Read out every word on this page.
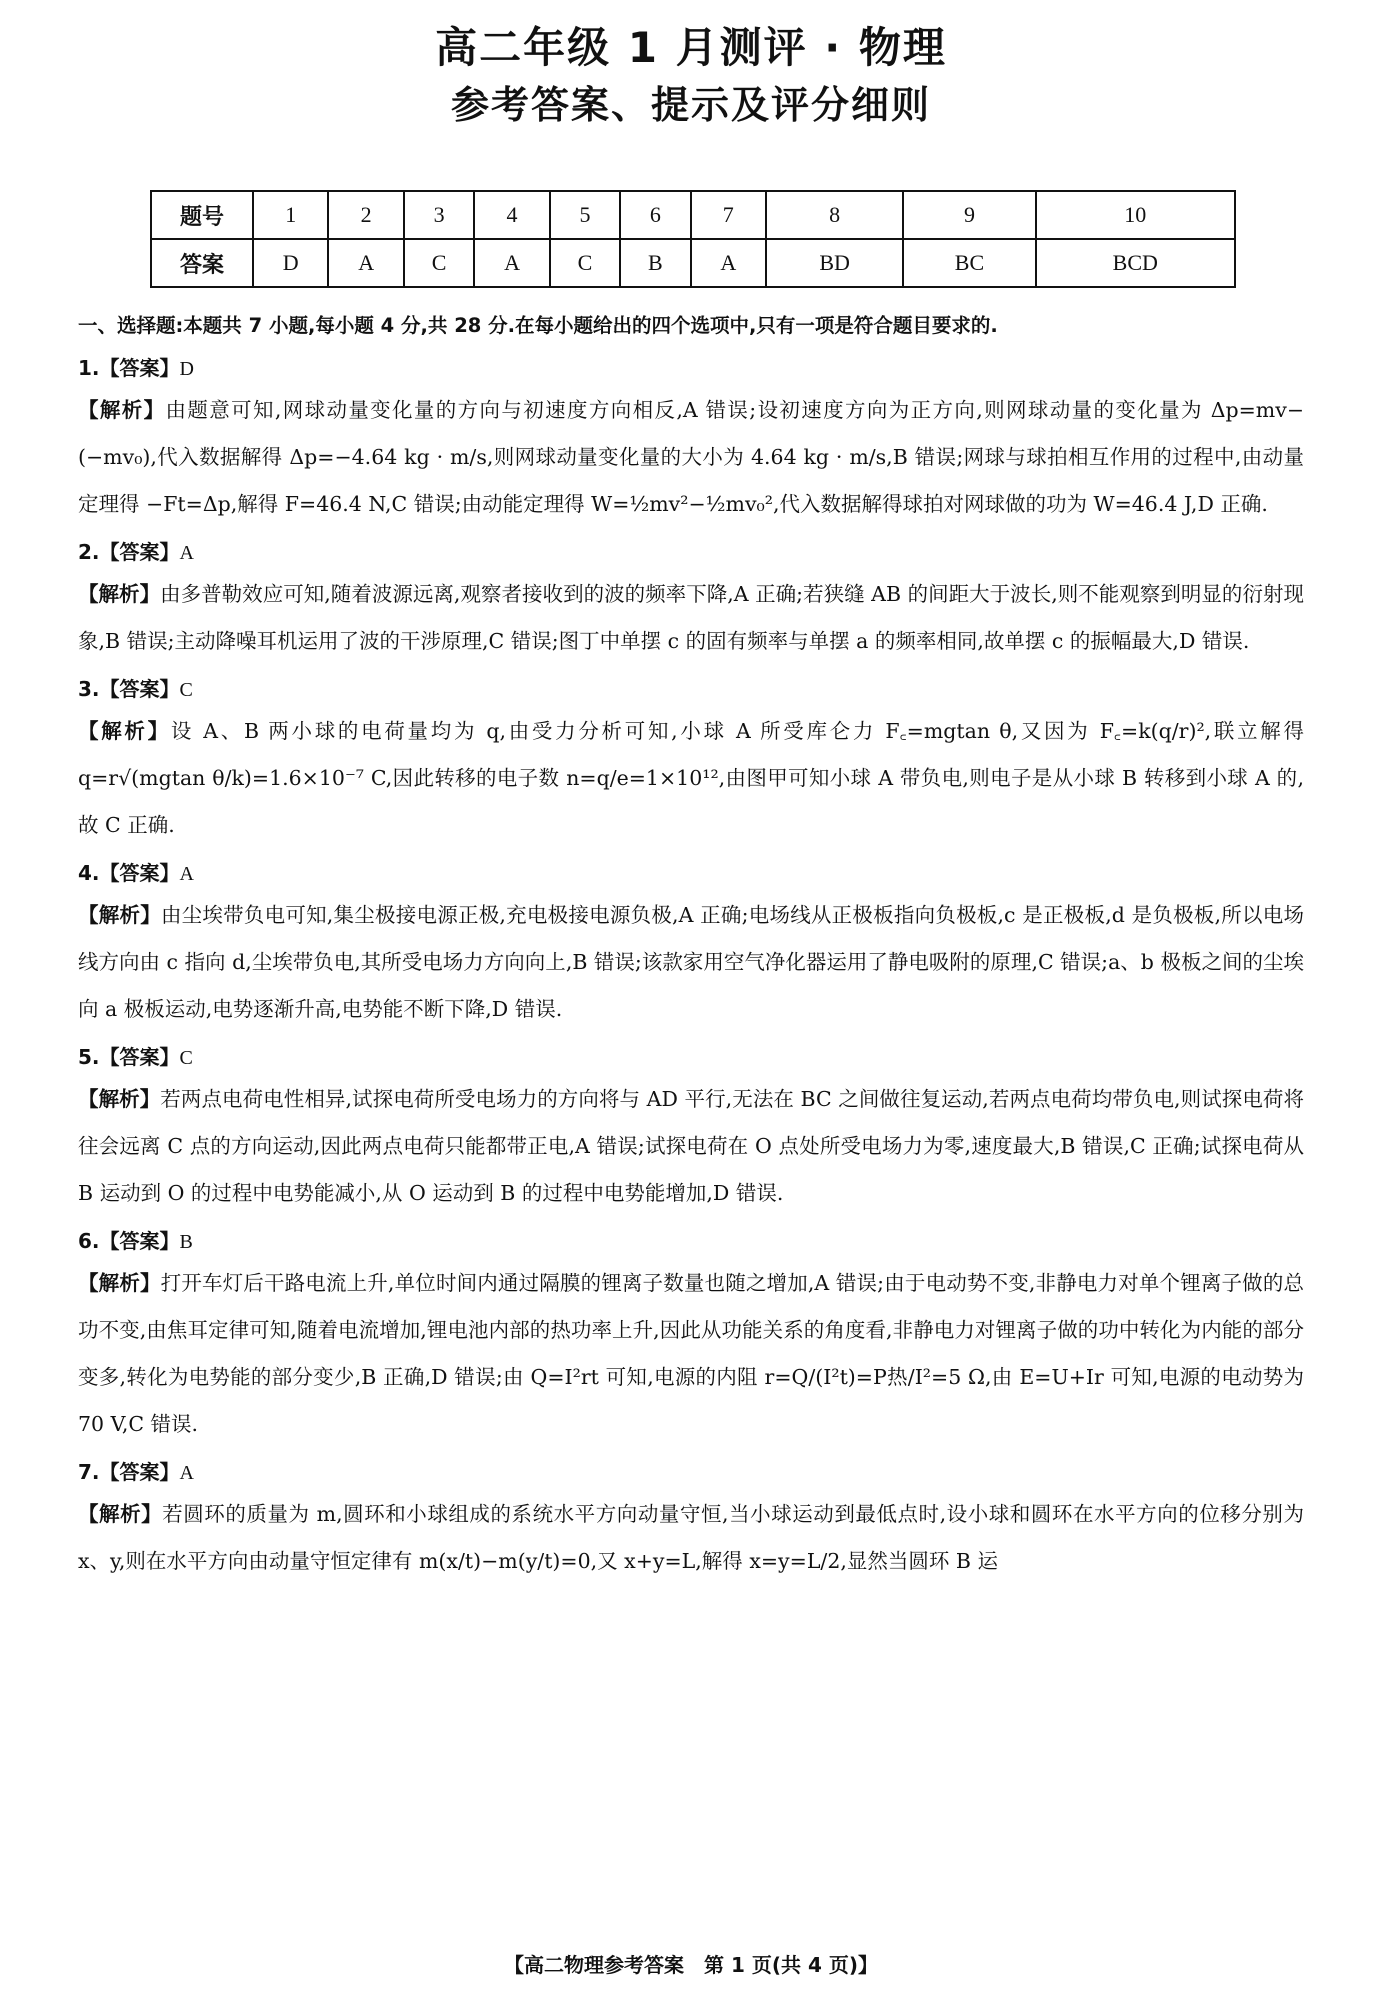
高二年级 1 月测评 · 物理
参考答案、提示及评分细则
题号	1	2	3	4	5	6	7	8	9	10
答案	D	A	C	A	C	B	A	BD	BC	BCD
一、选择题:本题共 7 小题,每小题 4 分,共 28 分.在每小题给出的四个选项中,只有一项是符合题目要求的.
1.【答案】D

【解析】由题意可知,网球动量变化量的方向与初速度方向相反,A 错误;设初速度方向为正方向,则网球动量的变化量为 Δp=mv−(−mv₀),代入数据解得 Δp=−4.64 kg · m/s,则网球动量变化量的大小为 4.64 kg · m/s,B 错误;网球与球拍相互作用的过程中,由动量定理得 −Ft=Δp,解得 F=46.4 N,C 错误;由动能定理得 W=½mv²−½mv₀²,代入数据解得球拍对网球做的功为 W=46.4 J,D 正确.

2.【答案】A

【解析】由多普勒效应可知,随着波源远离,观察者接收到的波的频率下降,A 正确;若狭缝 AB 的间距大于波长,则不能观察到明显的衍射现象,B 错误;主动降噪耳机运用了波的干涉原理,C 错误;图丁中单摆 c 的固有频率与单摆 a 的频率相同,故单摆 c 的振幅最大,D 错误.

3.【答案】C

【解析】设 A、B 两小球的电荷量均为 q,由受力分析可知,小球 A 所受库仑力 F꜀=mgtan θ,又因为 F꜀=k(q/r)²,联立解得 q=r√(mgtan θ/k)=1.6×10⁻⁷ C,因此转移的电子数 n=q/e=1×10¹²,由图甲可知小球 A 带负电,则电子是从小球 B 转移到小球 A 的,故 C 正确.

4.【答案】A

【解析】由尘埃带负电可知,集尘极接电源正极,充电极接电源负极,A 正确;电场线从正极板指向负极板,c 是正极板,d 是负极板,所以电场线方向由 c 指向 d,尘埃带负电,其所受电场力方向向上,B 错误;该款家用空气净化器运用了静电吸附的原理,C 错误;a、b 极板之间的尘埃向 a 极板运动,电势逐渐升高,电势能不断下降,D 错误.

5.【答案】C

【解析】若两点电荷电性相异,试探电荷所受电场力的方向将与 AD 平行,无法在 BC 之间做往复运动,若两点电荷均带负电,则试探电荷将往会远离 C 点的方向运动,因此两点电荷只能都带正电,A 错误;试探电荷在 O 点处所受电场力为零,速度最大,B 错误,C 正确;试探电荷从 B 运动到 O 的过程中电势能减小,从 O 运动到 B 的过程中电势能增加,D 错误.

6.【答案】B

【解析】打开车灯后干路电流上升,单位时间内通过隔膜的锂离子数量也随之增加,A 错误;由于电动势不变,非静电力对单个锂离子做的总功不变,由焦耳定律可知,随着电流增加,锂电池内部的热功率上升,因此从功能关系的角度看,非静电力对锂离子做的功中转化为内能的部分变多,转化为电势能的部分变少,B 正确,D 错误;由 Q=I²rt 可知,电源的内阻 r=Q/(I²t)=P热/I²=5 Ω,由 E=U+Ir 可知,电源的电动势为 70 V,C 错误.

7.【答案】A

【解析】若圆环的质量为 m,圆环和小球组成的系统水平方向动量守恒,当小球运动到最低点时,设小球和圆环在水平方向的位移分别为 x、y,则在水平方向由动量守恒定律有 m(x/t)−m(y/t)=0,又 x+y=L,解得 x=y=L/2,显然当圆环 B 运

【高二物理参考答案　第 1 页(共 4 页)】
